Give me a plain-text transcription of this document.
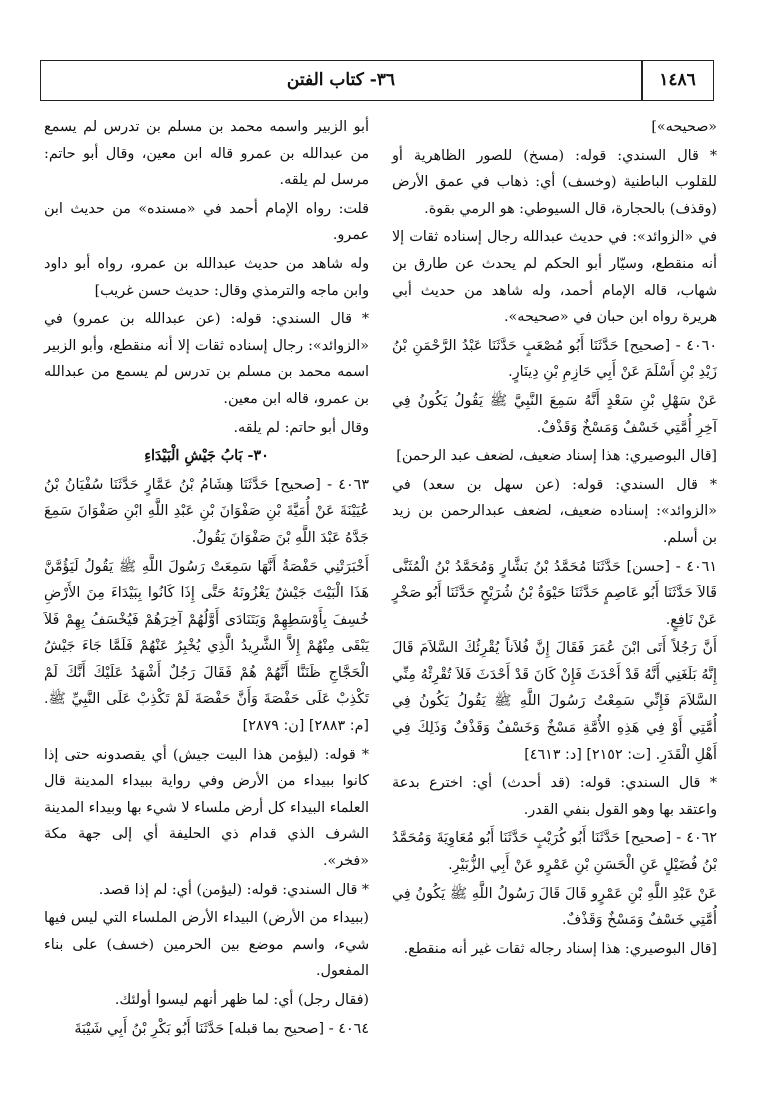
٣٦- كتاب الفتن	١٤٨٦

«صحيحه»]

* قال السندي: قوله: (مسخ) للصور الظاهرية أو للقلوب الباطنية (وخسف) أي: ذهاب في عمق الأرض (وقذف) بالحجارة، قال السيوطي: هو الرمي بقوة.

في «الزوائد»: في حديث عبدالله رجال إسناده ثقات إلا أنه منقطع، وسيّار أبو الحكم لم يحدث عن طارق بن شهاب، قاله الإمام أحمد، وله شاهد من حديث أبي هريرة رواه ابن حبان في «صحيحه».

٤٠٦٠ - [صحيح] حَدَّثَنَا أَبُو مُصْعَبٍ حَدَّثَنَا عَبْدُ الرَّحْمَنِ بْنُ زَيْدِ بْنِ أَسْلَمَ عَنْ أَبِي حَازِمِ بْنِ دِينَارٍ.

عَنْ سَهْلِ بْنِ سَعْدٍ أَنَّهُ سَمِعَ النَّبِيَّ ﷺ يَقُولُ يَكُونُ فِي آخِرِ أُمَّتِي خَسْفٌ وَمَسْخٌ وَقَذْفٌ.

[قال البوصيري: هذا إسناد ضعيف، لضعف عبد الرحمن]

* قال السندي: قوله: (عن سهل بن سعد) في «الزوائد»: إسناده ضعيف، لضعف عبدالرحمن بن زيد بن أسلم.

٤٠٦١ - [حسن] حَدَّثَنَا مُحَمَّدُ بْنُ بَشَّارٍ وَمُحَمَّدُ بْنُ الْمُثَنَّى قَالاَ حَدَّثَنَا أَبُو عَاصِمٍ حَدَّثَنَا حَيْوَةُ بْنُ شُرَيْحٍ حَدَّثَنَا أَبُو صَخْرٍ عَنْ نَافِعٍ.

أَنَّ رَجُلاً أَتَى ابْنَ عُمَرَ فَقَالَ إِنَّ فُلاَناً يُقْرِئُكَ السَّلاَمَ قَالَ إِنَّهُ بَلَغَنِي أَنَّهُ قَدْ أَحْدَثَ فَإِنْ كَانَ قَدْ أَحْدَثَ فَلاَ تُقْرِئْهُ مِنِّي السَّلاَمَ فَإِنِّي سَمِعْتُ رَسُولَ اللَّهِ ﷺ يَقُولُ يَكُونُ فِي أُمَّتِي أَوْ فِي هَذِهِ الأُمَّةِ مَسْخٌ وَخَسْفٌ وَقَذْفٌ وَذَلِكَ فِي أَهْلِ الْقَدَرِ. [ت: ٢١٥٢] [د: ٤٦١٣]

* قال السندي: قوله: (قد أحدث) أي: اخترع بدعة واعتقد بها وهو القول بنفي القدر.

٤٠٦٢ - [صحيح] حَدَّثَنَا أَبُو كُرَيْبٍ حَدَّثَنَا أَبُو مُعَاوِيَةَ وَمُحَمَّدُ بْنُ فُضَيْلٍ عَنِ الْحَسَنِ بْنِ عَمْرٍو عَنْ أَبِي الزُّبَيْرِ.

عَنْ عَبْدِ اللَّهِ بْنِ عَمْرٍو قَالَ قَالَ رَسُولُ اللَّهِ ﷺ يَكُونُ فِي أُمَّتِي خَسْفٌ وَمَسْخٌ وَقَذْفٌ.

[قال البوصيري: هذا إسناد رجاله ثقات غير أنه منقطع.

أبو الزبير واسمه محمد بن مسلم بن تدرس لم يسمع من عبدالله بن عمرو قاله ابن معين، وقال أبو حاتم: مرسل لم يلقه.

قلت: رواه الإمام أحمد في «مسنده» من حديث ابن عمرو.

وله شاهد من حديث عبدالله بن عمرو، رواه أبو داود وابن ماجه والترمذي وقال: حديث حسن غريب]

* قال السندي: قوله: (عن عبدالله بن عمرو) في «الزوائد»: رجال إسناده ثقات إلا أنه منقطع، وأبو الزبير اسمه محمد بن مسلم بن تدرس لم يسمع من عبدالله بن عمرو، قاله ابن معين.

وقال أبو حاتم: لم يلقه.

٣٠- بَابُ جَيْشِ الْبَيْدَاءِ

٤٠٦٣ - [صحيح] حَدَّثَنَا هِشَامُ بْنُ عَمَّارٍ حَدَّثَنَا سُفْيَانُ بْنُ عُيَيْنَةَ عَنْ أُمَيَّةَ بْنِ صَفْوَانَ بْنِ عَبْدِ اللَّهِ ابْنِ صَفْوَانَ سَمِعَ جَدَّهُ عَبْدَ اللَّهِ بْنَ صَفْوَانَ يَقُولُ.

أَخْبَرَتْنِي حَفْصَةُ أَنَّهَا سَمِعَتْ رَسُولَ اللَّهِ ﷺ يَقُولُ لَيَؤُمَّنَّ هَذَا الْبَيْتَ جَيْشٌ يَغْزُونَهُ حَتَّى إِذَا كَانُوا بِبَيْدَاءَ مِنَ الأَرْضِ خُسِفَ بِأَوْسَطِهِمْ وَيَتَنَادَى أَوَّلُهُمْ آخِرَهُمْ فَيُخْسَفُ بِهِمْ فَلاَ يَبْقَى مِنْهُمْ إِلاَّ الشَّرِيدُ الَّذِي يُخْبِرُ عَنْهُمْ فَلَمَّا جَاءَ جَيْشُ الْحَجَّاجِ ظَنَنَّا أَنَّهُمْ هُمْ فَقَالَ رَجُلٌ أَشْهَدُ عَلَيْكَ أَنَّكَ لَمْ تَكْذِبْ عَلَى حَفْصَةَ وَأَنَّ حَفْصَةَ لَمْ تَكْذِبْ عَلَى النَّبِيِّ ﷺ. [م: ٢٨٨٣] [ن: ٢٨٧٩]

* قوله: (ليؤمن هذا البيت جيش) أي يقصدونه حتى إذا كانوا ببيداء من الأرض وفي رواية ببيداء المدينة قال العلماء البيداء كل أرض ملساء لا شيء بها وبيداء المدينة الشرف الذي قدام ذي الحليفة أي إلى جهة مكة «فخر».

* قال السندي: قوله: (ليؤمن) أي: لم إذا قصد.

(ببيداء من الأرض) البيداء الأرض الملساء التي ليس فيها شيء، واسم موضع بين الحرمين (خسف) على بناء المفعول.

(فقال رجل) أي: لما ظهر أنهم ليسوا أولئك.

٤٠٦٤ - [صحيح بما قبله] حَدَّثَنَا أَبُو بَكْرِ بْنُ أَبِي شَيْبَةَ
